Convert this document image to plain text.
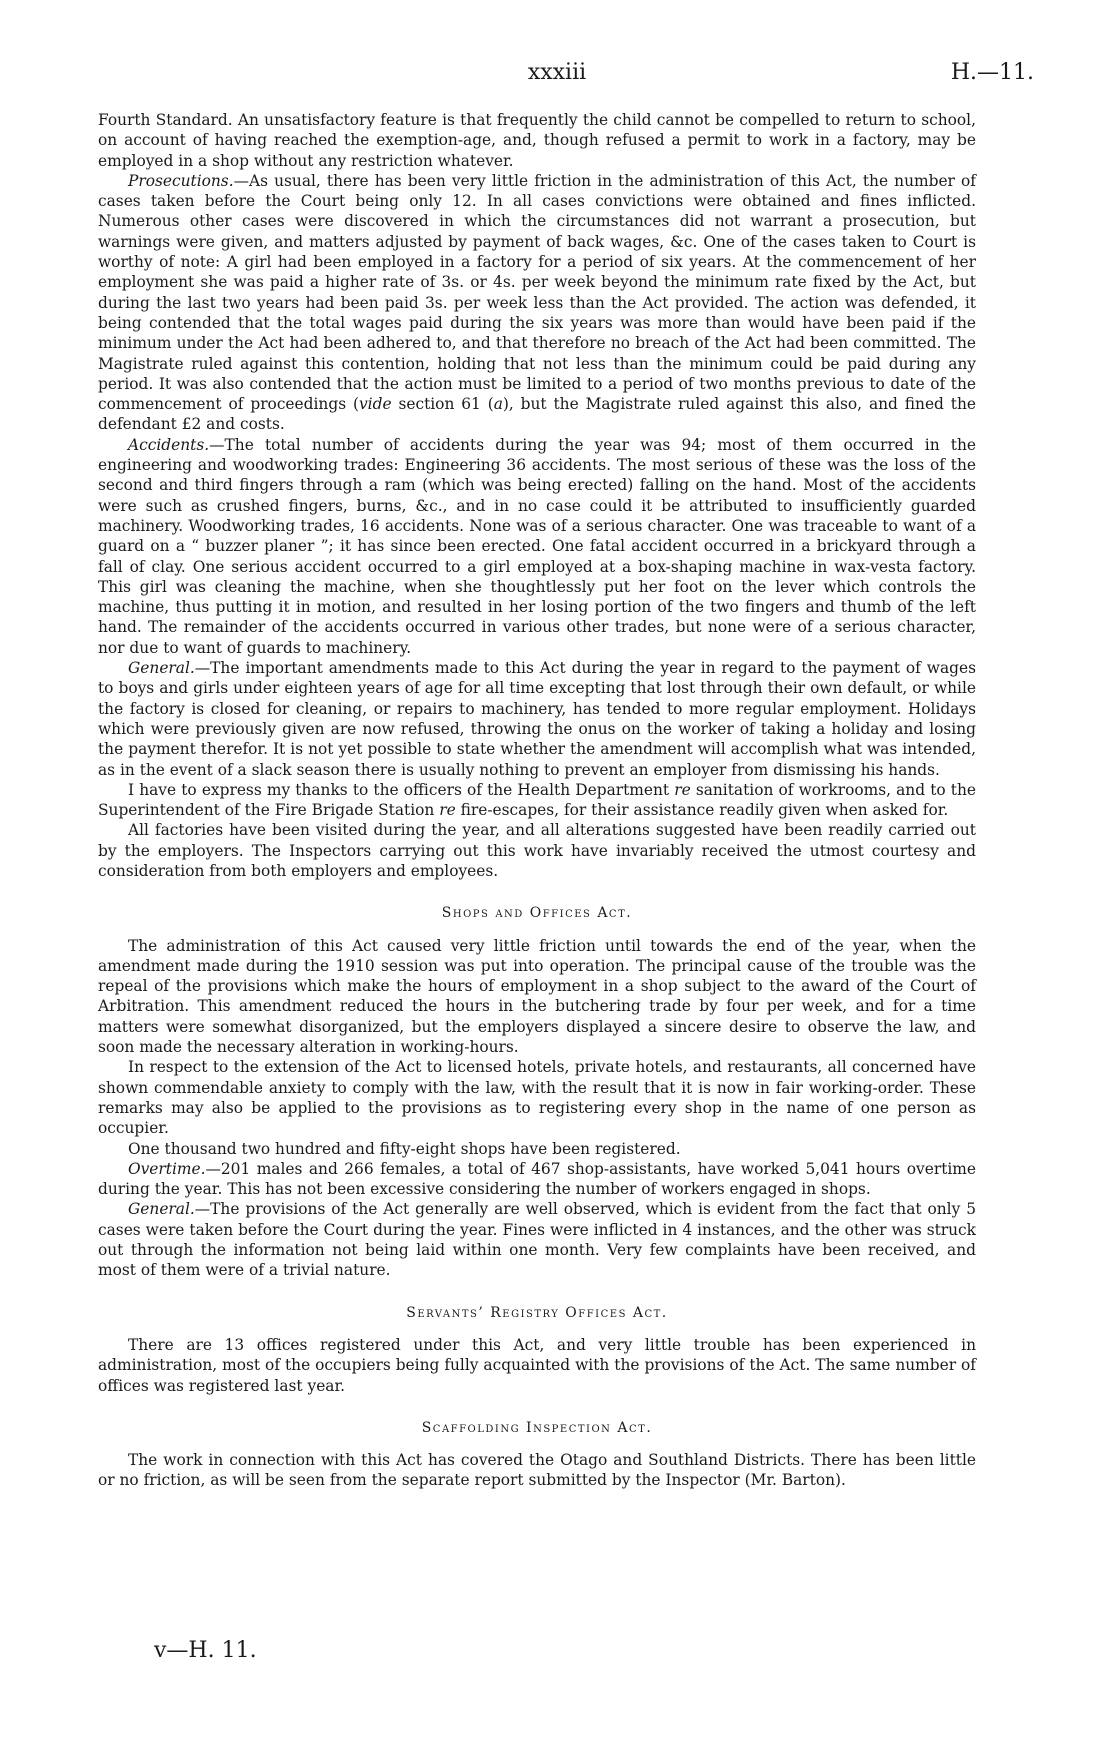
xxxiii	H.—11.

Fourth Standard. An unsatisfactory feature is that frequently the child cannot be compelled to return to school, on account of having reached the exemption-age, and, though refused a permit to work in a factory, may be employed in a shop without any restriction whatever.

Prosecutions.—As usual, there has been very little friction in the administration of this Act, the number of cases taken before the Court being only 12. In all cases convictions were obtained and fines inflicted. Numerous other cases were discovered in which the circumstances did not warrant a prosecution, but warnings were given, and matters adjusted by payment of back wages, &c. One of the cases taken to Court is worthy of note: A girl had been employed in a factory for a period of six years. At the commencement of her employment she was paid a higher rate of 3s. or 4s. per week beyond the minimum rate fixed by the Act, but during the last two years had been paid 3s. per week less than the Act provided. The action was defended, it being contended that the total wages paid during the six years was more than would have been paid if the minimum under the Act had been adhered to, and that therefore no breach of the Act had been committed. The Magistrate ruled against this contention, holding that not less than the minimum could be paid during any period. It was also contended that the action must be limited to a period of two months previous to date of the commencement of proceedings (vide section 61 (a), but the Magistrate ruled against this also, and fined the defendant £2 and costs.

Accidents.—The total number of accidents during the year was 94; most of them occurred in the engineering and woodworking trades: Engineering 36 accidents. The most serious of these was the loss of the second and third fingers through a ram (which was being erected) falling on the hand. Most of the accidents were such as crushed fingers, burns, &c., and in no case could it be attributed to insufficiently guarded machinery. Woodworking trades, 16 accidents. None was of a serious character. One was traceable to want of a guard on a “ buzzer planer ”; it has since been erected. One fatal accident occurred in a brickyard through a fall of clay. One serious accident occurred to a girl employed at a box-shaping machine in wax-vesta factory. This girl was cleaning the machine, when she thoughtlessly put her foot on the lever which controls the machine, thus putting it in motion, and resulted in her losing portion of the two fingers and thumb of the left hand. The remainder of the accidents occurred in various other trades, but none were of a serious character, nor due to want of guards to machinery.

General.—The important amendments made to this Act during the year in regard to the payment of wages to boys and girls under eighteen years of age for all time excepting that lost through their own default, or while the factory is closed for cleaning, or repairs to machinery, has tended to more regular employment. Holidays which were previously given are now refused, throwing the onus on the worker of taking a holiday and losing the payment therefor. It is not yet possible to state whether the amendment will accomplish what was intended, as in the event of a slack season there is usually nothing to prevent an employer from dismissing his hands.

I have to express my thanks to the officers of the Health Department re sanitation of workrooms, and to the Superintendent of the Fire Brigade Station re fire-escapes, for their assistance readily given when asked for.

All factories have been visited during the year, and all alterations suggested have been readily carried out by the employers. The Inspectors carrying out this work have invariably received the utmost courtesy and consideration from both employers and employees.

Shops and Offices Act.

The administration of this Act caused very little friction until towards the end of the year, when the amendment made during the 1910 session was put into operation. The principal cause of the trouble was the repeal of the provisions which make the hours of employment in a shop subject to the award of the Court of Arbitration. This amendment reduced the hours in the butchering trade by four per week, and for a time matters were somewhat disorganized, but the employers displayed a sincere desire to observe the law, and soon made the necessary alteration in working-hours.

In respect to the extension of the Act to licensed hotels, private hotels, and restaurants, all concerned have shown commendable anxiety to comply with the law, with the result that it is now in fair working-order. These remarks may also be applied to the provisions as to registering every shop in the name of one person as occupier.

One thousand two hundred and fifty-eight shops have been registered.

Overtime.—201 males and 266 females, a total of 467 shop-assistants, have worked 5,041 hours overtime during the year. This has not been excessive considering the number of workers engaged in shops.

General.—The provisions of the Act generally are well observed, which is evident from the fact that only 5 cases were taken before the Court during the year. Fines were inflicted in 4 instances, and the other was struck out through the information not being laid within one month. Very few complaints have been received, and most of them were of a trivial nature.

Servants’ Registry Offices Act.

There are 13 offices registered under this Act, and very little trouble has been experienced in administration, most of the occupiers being fully acquainted with the provisions of the Act. The same number of offices was registered last year.

Scaffolding Inspection Act.

The work in connection with this Act has covered the Otago and Southland Districts. There has been little or no friction, as will be seen from the separate report submitted by the Inspector (Mr. Barton).

v—H. 11.
